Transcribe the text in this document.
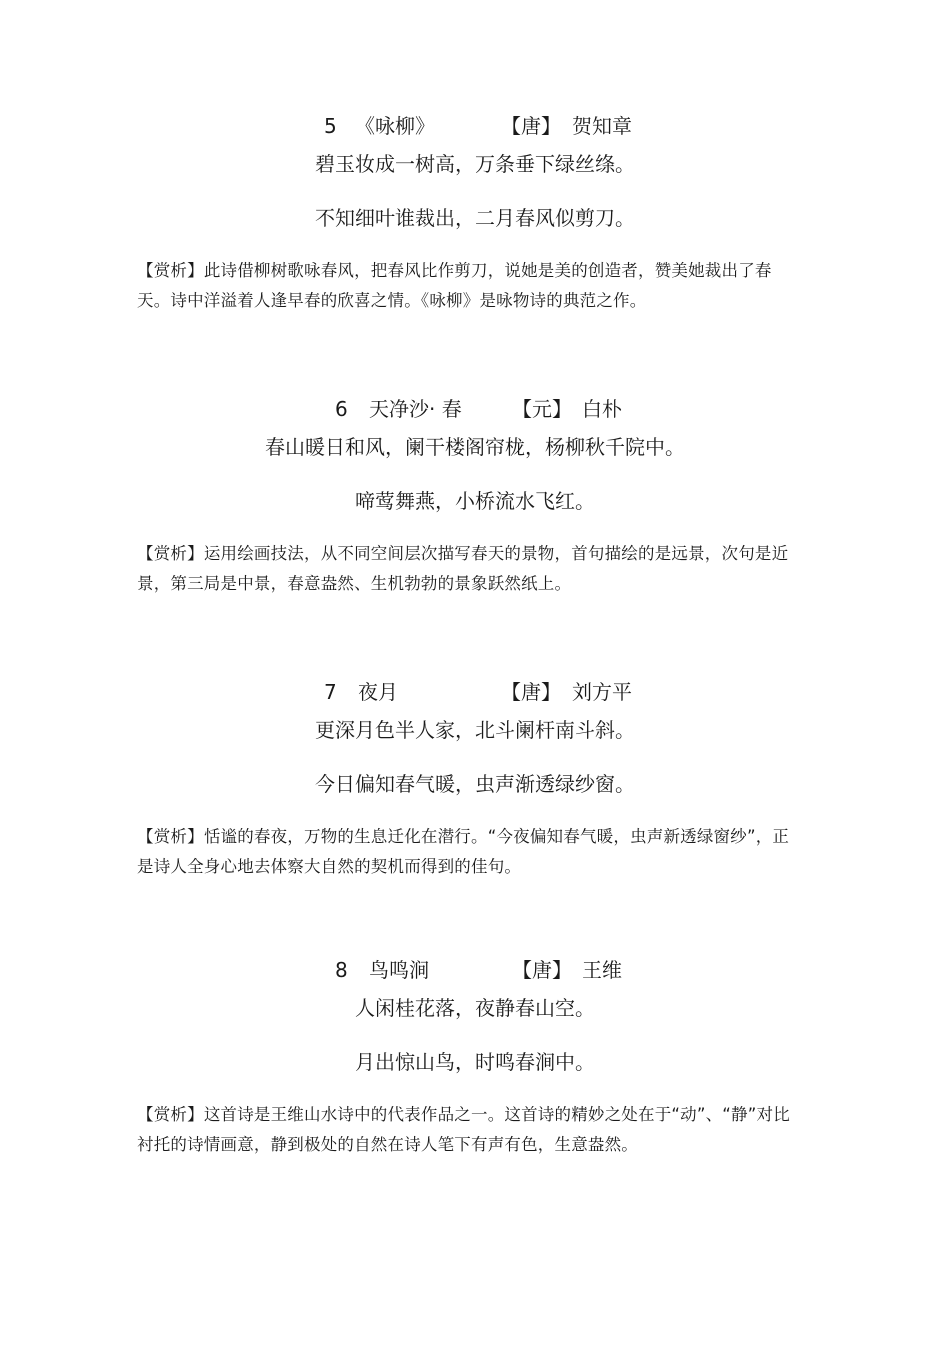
5 《咏柳》	【唐】 贺知章
碧玉妆成一树高，万条垂下绿丝绦。
不知细叶谁裁出，二月春风似剪刀。
【赏析】此诗借柳树歌咏春风，把春风比作剪刀，说她是美的创造者，赞美她裁出了春天。诗中洋溢着人逢早春的欣喜之情。《咏柳》是咏物诗的典范之作。
6 天净沙· 春	【元】 白朴
春山暖日和风，阑干楼阁帘栊，杨柳秋千院中。
啼莺舞燕，小桥流水飞红。
【赏析】运用绘画技法，从不同空间层次描写春天的景物，首句描绘的是远景，次句是近景，第三局是中景，春意盎然、生机勃勃的景象跃然纸上。
7 夜月	【唐】 刘方平
更深月色半人家，北斗阑杆南斗斜。
今日偏知春气暖，虫声渐透绿纱窗。
【赏析】恬谧的春夜，万物的生息迁化在潜行。“今夜偏知春气暖，虫声新透绿窗纱”，正是诗人全身心地去体察大自然的契机而得到的佳句。
8 鸟鸣涧	【唐】 王维
人闲桂花落，夜静春山空。
月出惊山鸟，时鸣春涧中。
【赏析】这首诗是王维山水诗中的代表作品之一。这首诗的精妙之处在于“动”、“静”对比衬托的诗情画意，静到极处的自然在诗人笔下有声有色，生意盎然。
